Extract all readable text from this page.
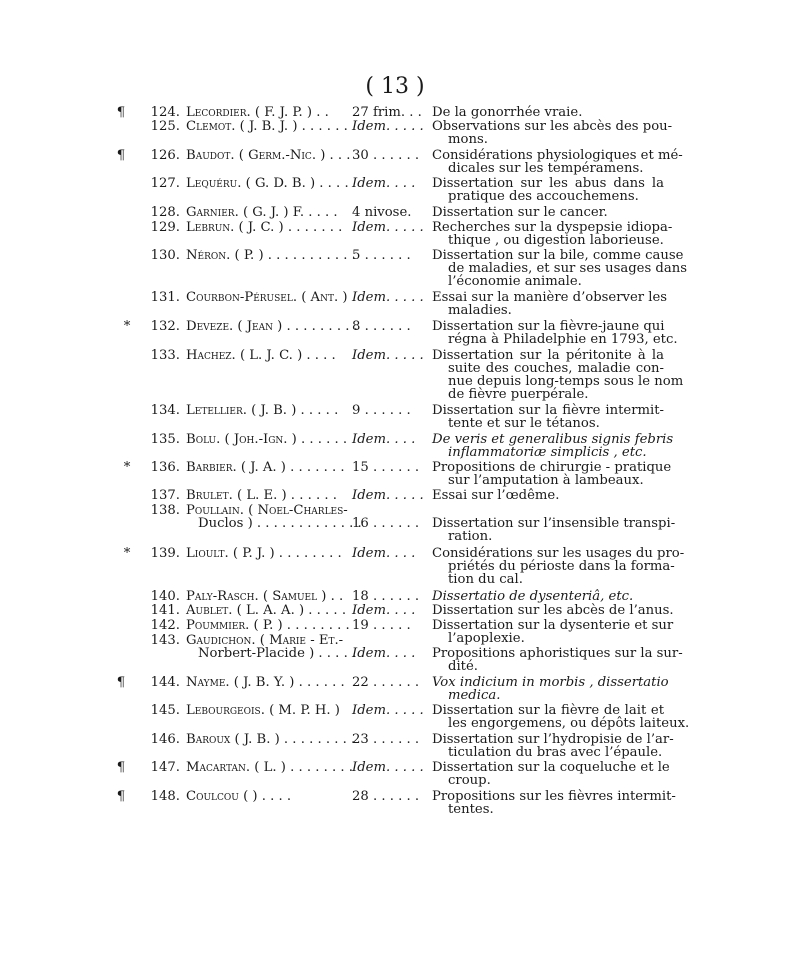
( 13 )
¶	124. Lecordier. ( F. J. P. ) . . 27 frim. . . De la gonorrhée vraie.
125. Clemot. ( J. B. J. ) . . . . . . Idem. . . . . Observations sur les abcès des pou-
mons.
¶	126. Baudot. ( Germ.-Nic. ) . . . 30 . . . . . . Considérations physiologiques et mé-
dicales sur les tempéramens.
127. Lequéru. ( G. D. B. ) . . . . Idem. . . . Dissertation sur les abus dans la
pratique des accouchemens.
128. Garnier. ( G. J. ) F. . . . . 4 nivose.	Dissertation sur le cancer.
129. Lebrun. ( J. C. ) . . . . . . . Idem. . . . . Recherches sur la dyspepsie idiopa-
thique , ou digestion laborieuse.
130. Néron. ( P. ) . . . . . . . . . . .
5 . . . . . .	Dissertation sur la bile, comme cause
de maladies, et sur ses usages dans
l’économie animale.
131. Courbon-Pérusel. ( Ant. ) Idem. . . . . Essai sur la manière d’observer les
maladies.
*	132. Deveze. ( Jean ) . . . . . . . . .
8 . . . . . .	Dissertation sur la fièvre-jaune qui
régna à Philadelphie en 1793, etc.
133. Hachez. ( L. J. C. ) . . . . Idem. . . . . Dissertation sur la péritonite à la
suite des couches, maladie con-
nue depuis long-temps sous le nom
de fièvre puerpérale.
134. Letellier. ( J. B. ) . . . . . 9 . . . . . .	Dissertation sur la fièvre intermit-
tente et sur le tétanos.
135. Bolu. ( Joh.-Ign. ) . . . . . . Idem. . . . De veris et generalibus signis febris
inflammatoriæ simplicis , etc.
*	136. Barbier. ( J. A. ) . . . . . . . 15 . . . . . . Propositions de chirurgie - pratique
sur l’amputation à lambeaux.
137. Brulet. ( L. E. ) . . . . . . Idem. . . . . Essai sur l’œdême.
138. Poullain. ( Noel-Charles-
Duclos ) . . . . . . . . . . . . .
16 . . . . . . Dissertation sur l’insensible transpi-
ration.
*	139. Lioult. ( P. J. ) . . . . . . . . Idem. . . . Considérations sur les usages du pro-
priétés du périoste dans la forma-
tion du cal.
140. Paly-Rasch. ( Samuel ) . . 18 . . . . . . Dissertatio de dysenteriâ, etc.
141. Aublet. ( L. A. A. ) . . . . . Idem. . . . Dissertation sur les abcès de l’anus.
142. Poummier. ( P. ) . . . . . . . . 19 . . . . .	Dissertation sur la dysenterie et sur
l’apoplexie.
143. Gaudichon. ( Marie - Et.-
Norbert-Placide ) . . . . . .
Idem. . . . Propositions aphoristiques sur la sur-
dité.
¶	144. Nayme. ( J. B. Y. ) . . . . . . 22 . . . . . . Vox indicium in morbis , dissertatio
medica.
145. Lebourgeois. ( M. P. H. ) Idem. . . . . Dissertation sur la fièvre de lait et
les engorgemens, ou dépôts laiteux.
146. Baroux ( J. B. ) . . . . . . . . .
23 . . . . . . Dissertation sur l’hydropisie de l’ar-
ticulation du bras avec l’épaule.
¶	147. Macartan. ( L. ) . . . . . . . . Idem. . . . . Dissertation sur la coqueluche et le
croup.
¶	148. Coulcou ( ) . . . .	28 . . . . . . Propositions sur les fièvres intermit-
tentes.
